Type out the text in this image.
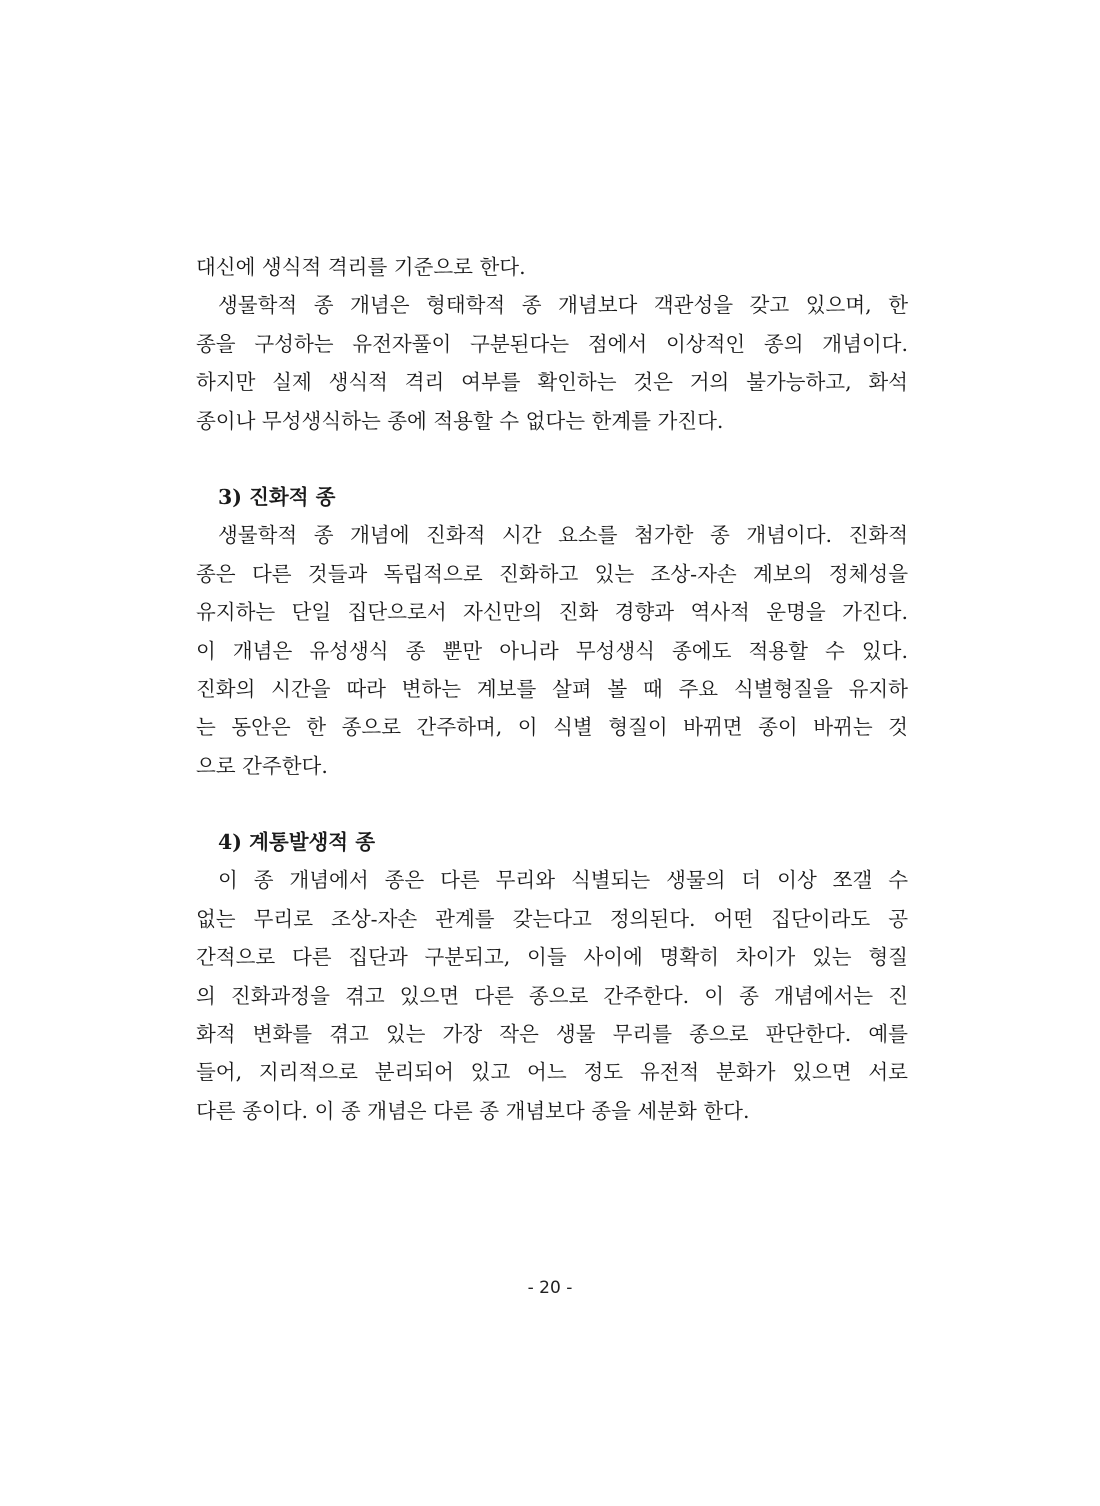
대신에 생식적 격리를 기준으로 한다.
생물학적 종 개념은 형태학적 종 개념보다 객관성을 갖고 있으며, 한
종을 구성하는 유전자풀이 구분된다는 점에서 이상적인 종의 개념이다.
하지만 실제 생식적 격리 여부를 확인하는 것은 거의 불가능하고, 화석
종이나 무성생식하는 종에 적용할 수 없다는 한계를 가진다.
3) 진화적 종
생물학적 종 개념에 진화적 시간 요소를 첨가한 종 개념이다. 진화적
종은 다른 것들과 독립적으로 진화하고 있는 조상-자손 계보의 정체성을
유지하는 단일 집단으로서 자신만의 진화 경향과 역사적 운명을 가진다.
이 개념은 유성생식 종 뿐만 아니라 무성생식 종에도 적용할 수 있다.
진화의 시간을 따라 변하는 계보를 살펴 볼 때 주요 식별형질을 유지하
는 동안은 한 종으로 간주하며, 이 식별 형질이 바뀌면 종이 바뀌는 것
으로 간주한다.
4) 계통발생적 종
이 종 개념에서 종은 다른 무리와 식별되는 생물의 더 이상 쪼갤 수
없는 무리로 조상-자손 관계를 갖는다고 정의된다. 어떤 집단이라도 공
간적으로 다른 집단과 구분되고, 이들 사이에 명확히 차이가 있는 형질
의 진화과정을 겪고 있으면 다른 종으로 간주한다. 이 종 개념에서는 진
화적 변화를 겪고 있는 가장 작은 생물 무리를 종으로 판단한다. 예를
들어, 지리적으로 분리되어 있고 어느 정도 유전적 분화가 있으면 서로
다른 종이다. 이 종 개념은 다른 종 개념보다 종을 세분화 한다.
- 20 -
